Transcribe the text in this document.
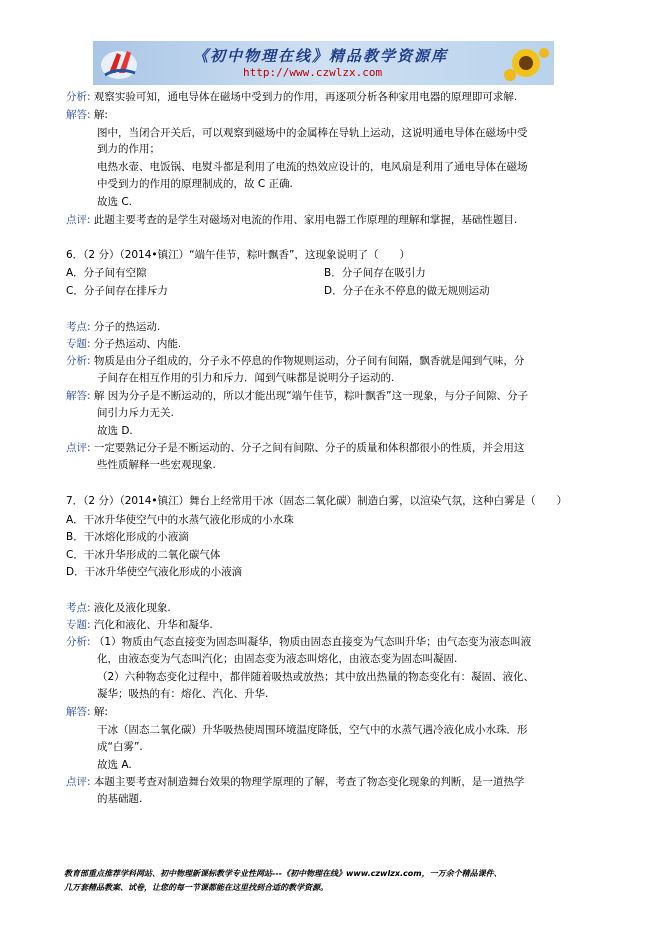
《初中物理在线》精品教学资源库
http://www.czwlzx.com
分析: 观察实验可知，通电导体在磁场中受到力的作用，再逐项分析各种家用电器的原理即可求解.
解答: 解:
图中，当闭合开关后，可以观察到磁场中的金属棒在导轨上运动，这说明通电导体在磁场中受
到力的作用；
电热水壶、电饭锅、电熨斗都是利用了电流的热效应设计的，电风扇是利用了通电导体在磁场
中受到力的作用的原理制成的，故 C 正确.
故选 C.
点评: 此题主要考查的是学生对磁场对电流的作用、家用电器工作原理的理解和掌握，基础性题目.
6．（2 分）（2014•镇江）“端午佳节，粽叶飘香”，这现象说明了（　　）
A．分子间有空隙	B．分子间存在吸引力
C．分子间存在排斥力	D．分子在永不停息的做无规则运动
考点: 分子的热运动.
专题: 分子热运动、内能.
分析: 物质是由分子组成的，分子永不停息的作物规则运动，分子间有间隔，飘香就是闻到气味，分
子间存在相互作用的引力和斥力．闻到气味都是说明分子运动的.
解答: 解 因为分子是不断运动的，所以才能出现“端午佳节，粽叶飘香”这一现象，与分子间隙、分子
间引力斥力无关.
故选 D.
点评: 一定要熟记分子是不断运动的、分子之间有间隙、分子的质量和体积都很小的性质，并会用这
些性质解释一些宏观现象.
7．（2 分）（2014•镇江）舞台上经常用干冰（固态二氧化碳）制造白雾，以渲染气氛，这种白雾是（　　）
A．干冰升华使空气中的水蒸气液化形成的小水珠
B．干冰熔化形成的小液滴
C．干冰升华形成的二氧化碳气体
D．干冰升华使空气液化形成的小液滴
考点: 液化及液化现象.
专题: 汽化和液化、升华和凝华.
分析: （1）物质由气态直接变为固态叫凝华，物质由固态直接变为气态叫升华；由气态变为液态叫液
化，由液态变为气态叫汽化；由固态变为液态叫熔化，由液态变为固态叫凝固.
（2）六种物态变化过程中，都伴随着吸热或放热；其中放出热量的物态变化有：凝固、液化、
凝华；吸热的有：熔化、汽化、升华.
解答: 解:
干冰（固态二氧化碳）升华吸热使周围环境温度降低，空气中的水蒸气遇冷液化成小水珠．形
成“白雾”.
故选 A.
点评: 本题主要考查对制造舞台效果的物理学原理的了解，考查了物态变化现象的判断，是一道热学
的基础题.
教育部重点推荐学科网站、初中物理新课标教学专业性网站---《初中物理在线》www.czwlzx.com，一万余个精品课件、
几万套精品教案、试卷，让您的每一节课都能在这里找到合适的教学资源。
